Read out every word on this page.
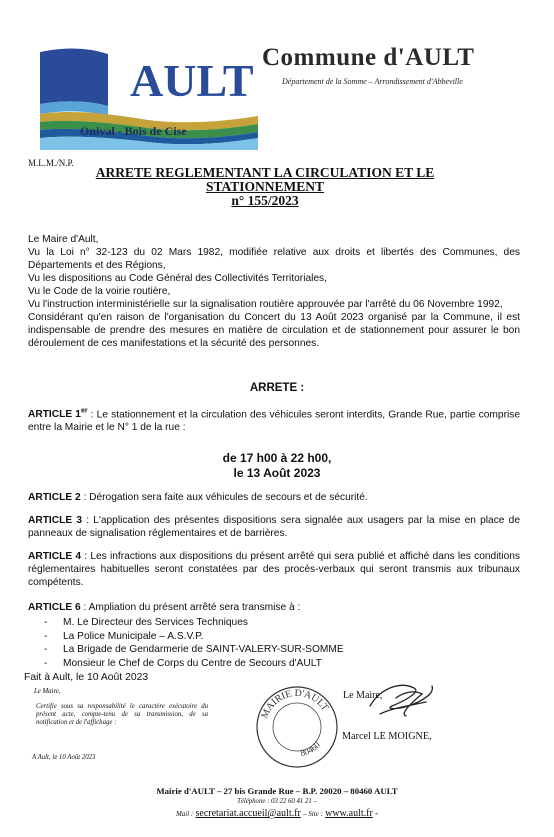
AULT
Onival - Bois de Cise
Commune d'AULT
Département de la Somme – Arrondissement d'Abbeville
M.L.M./N.P.
ARRETE REGLEMENTANT LA CIRCULATION ET LE
STATIONNEMENT
n° 155/2023
Le Maire d'Ault,
Vu la Loi n° 32-123 du 02 Mars 1982, modifiée relative aux droits et libertés des Communes, des Départements et des Régions,
Vu les dispositions au Code Général des Collectivités Territoriales,
Vu le Code de la voirie routière,
Vu l'instruction interministérielle sur la signalisation routière approuvée par l'arrêté du 06 Novembre 1992,
Considérant qu'en raison de l'organisation du Concert du 13 Août 2023 organisé par la Commune, il est indispensable de prendre des mesures en matière de circulation et de stationnement pour assurer le bon déroulement de ces manifestations et la sécurité des personnes.
ARRETE :
ARTICLE 1er : Le stationnement et la circulation des véhicules seront interdits, Grande Rue, partie comprise entre la Mairie et le N° 1 de la rue :
de 17 h00 à 22 h00,
le 13 Août 2023
ARTICLE 2 : Dérogation sera faite aux véhicules de secours et de sécurité.
ARTICLE 3 : L'application des présentes dispositions sera signalée aux usagers par la mise en place de panneaux de signalisation réglementaires et de barrières.
ARTICLE 4 : Les infractions aux dispositions du présent arrêté qui sera publié et affiché dans les conditions réglementaires habituelles seront constatées par des procès-verbaux qui seront transmis aux tribunaux compétents.
ARTICLE 6 : Ampliation du présent arrêté sera transmise à :
- M. Le Directeur des Services Techniques
- La Police Municipale – A.S.V.P.
- La Brigade de Gendarmerie de SAINT-VALERY-SUR-SOMME
- Monsieur le Chef de Corps du Centre de Secours d'AULT
Fait à Ault, le 10 Août 2023
Le Maire,
Certifie sous sa responsabilité le caractère exécutoire du présent acte, compte-tenu de sa transmission, de sa notification et de l'affichage :
A Ault, le 10 Août 2023
MAIRIE D'AULT
80460
Le Maire,
Marcel LE MOIGNE,
Mairie d'AULT – 27 bis Grande Rue – B.P. 20020 – 80460 AULT
Téléphone : 03 22 60 41 21 –
Mail : secretariat.accueil@ault.fr – Site : www.ault.fr -
